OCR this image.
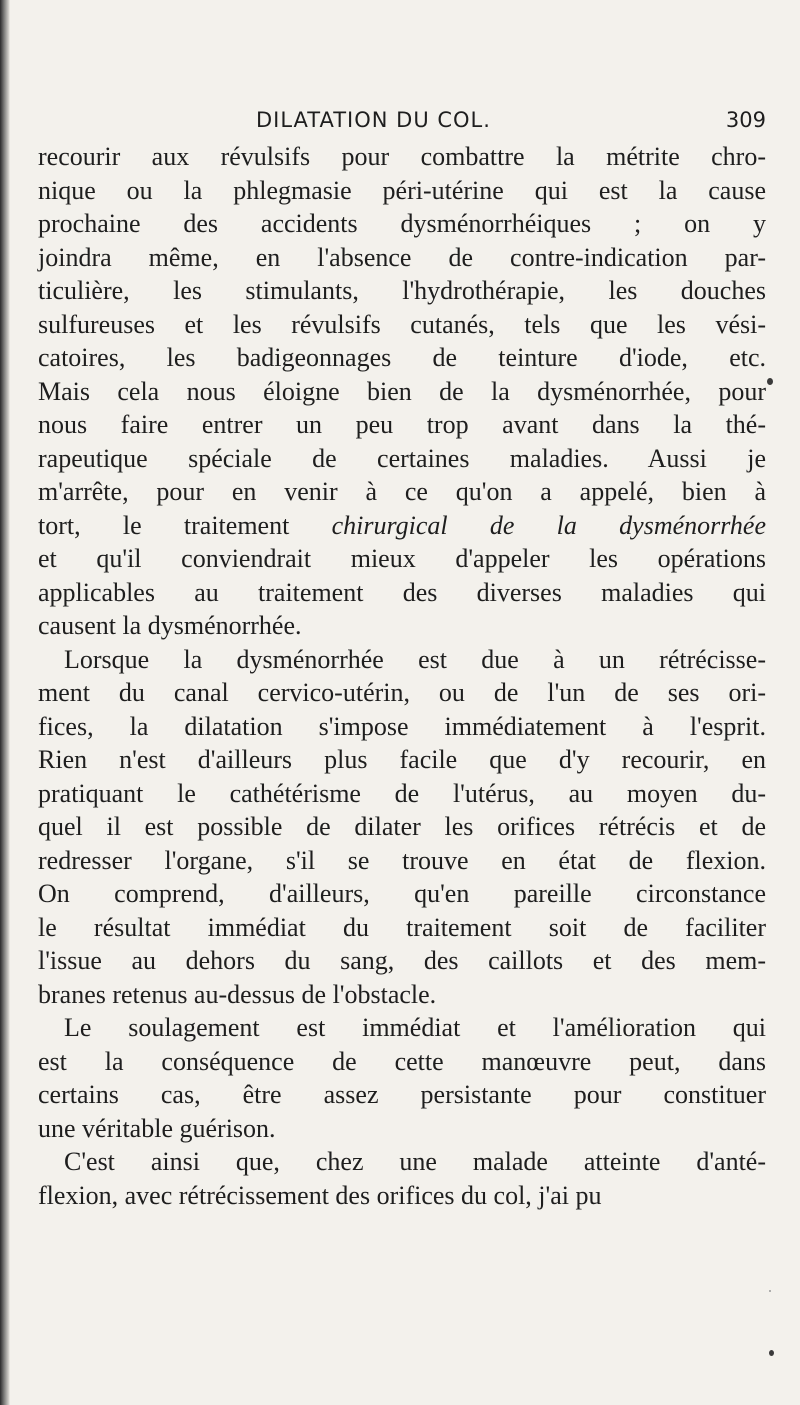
DILATATION DU COL.	309
recourir aux révulsifs pour combattre la métrite chro-
nique ou la phlegmasie péri-utérine qui est la cause
prochaine des accidents dysménorrhéiques ; on y
joindra même, en l'absence de contre-indication par-
ticulière, les stimulants, l'hydrothérapie, les douches
sulfureuses et les révulsifs cutanés, tels que les vési-
catoires, les badigeonnages de teinture d'iode, etc.
Mais cela nous éloigne bien de la dysménorrhée, pour
nous faire entrer un peu trop avant dans la thé-
rapeutique spéciale de certaines maladies. Aussi je
m'arrête, pour en venir à ce qu'on a appelé, bien à
tort, le traitement chirurgical de la dysménorrhée
et qu'il conviendrait mieux d'appeler les opérations
applicables au traitement des diverses maladies qui
causent la dysménorrhée.
Lorsque la dysménorrhée est due à un rétrécisse-
ment du canal cervico-utérin, ou de l'un de ses ori-
fices, la dilatation s'impose immédiatement à l'esprit.
Rien n'est d'ailleurs plus facile que d'y recourir, en
pratiquant le cathétérisme de l'utérus, au moyen du-
quel il est possible de dilater les orifices rétrécis et de
redresser l'organe, s'il se trouve en état de flexion.
On comprend, d'ailleurs, qu'en pareille circonstance
le résultat immédiat du traitement soit de faciliter
l'issue au dehors du sang, des caillots et des mem-
branes retenus au-dessus de l'obstacle.
Le soulagement est immédiat et l'amélioration qui
est la conséquence de cette manœuvre peut, dans
certains cas, être assez persistante pour constituer
une véritable guérison.
C'est ainsi que, chez une malade atteinte d'anté-
flexion, avec rétrécissement des orifices du col, j'ai pu
